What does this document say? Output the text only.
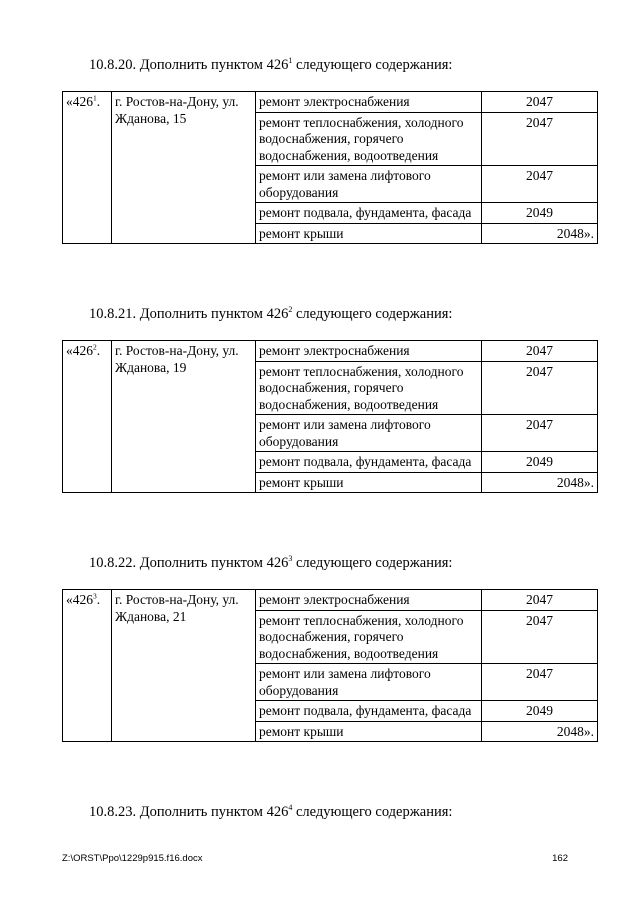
10.8.20. Дополнить пунктом $426^1$ следующего содержания:
«$426^1$.	г. Ростов-на-Дону, ул. Жданова, 15	ремонт электроснабжения	2047
		ремонт теплоснабжения, холодного водоснабжения, горячего водоснабжения, водоотведения	2047
		ремонт или замена лифтового оборудования	2047
		ремонт подвала, фундамента, фасада	2049
		ремонт крыши	2048».
10.8.21. Дополнить пунктом $426^2$ следующего содержания:
«$426^2$.	г. Ростов-на-Дону, ул. Жданова, 19	ремонт электроснабжения	2047
		ремонт теплоснабжения, холодного водоснабжения, горячего водоснабжения, водоотведения	2047
		ремонт или замена лифтового оборудования	2047
		ремонт подвала, фундамента, фасада	2049
		ремонт крыши	2048».
10.8.22. Дополнить пунктом $426^3$ следующего содержания:
«$426^3$.	г. Ростов-на-Дону, ул. Жданова, 21	ремонт электроснабжения	2047
		ремонт теплоснабжения, холодного водоснабжения, горячего водоснабжения, водоотведения	2047
		ремонт или замена лифтового оборудования	2047
		ремонт подвала, фундамента, фасада	2049
		ремонт крыши	2048».
10.8.23. Дополнить пунктом $426^4$ следующего содержания:
Z:\ORST\Ppo\1229p915.f16.docx	162
